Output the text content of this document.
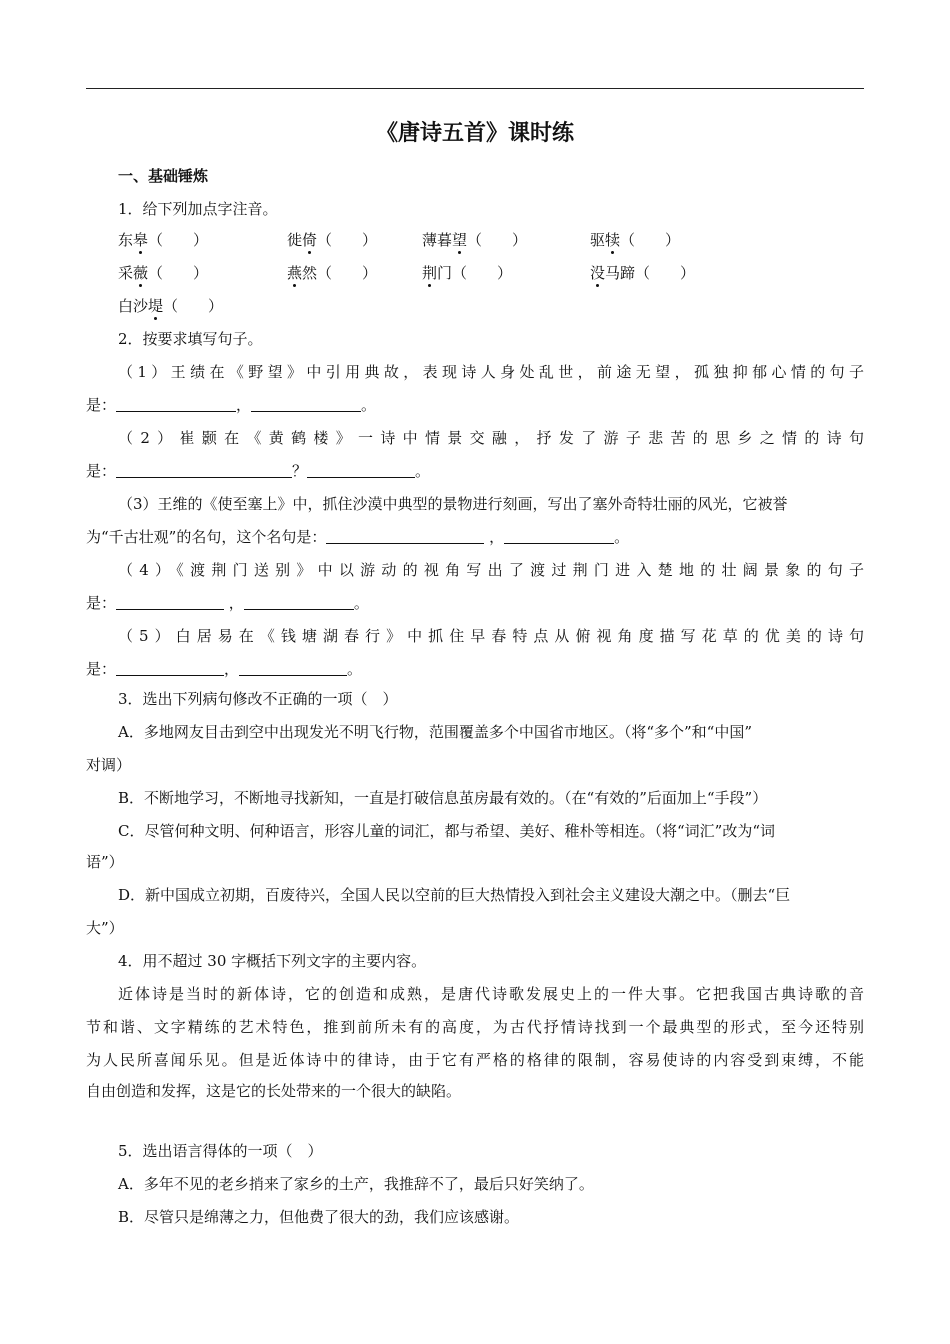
《唐诗五首》课时练
一、基础锤炼
1．给下列加点字注音。
东皋（　　）	徙倚（　　）	薄暮望（　　）	驱犊（　　）
采薇（　　）	燕然（　　）	荆门（　　）	没马蹄（　　）
白沙堤（　　）
2．按要求填写句子。
（1）王绩在《野望》中引用典故，表现诗人身处乱世，前途无望，孤独抑郁心情的句子
是：	，	。
（2）崔颢在《黄鹤楼》一诗中情景交融，抒发了游子悲苦的思乡之情的诗句
是：	？	。
（3）王维的《使至塞上》中，抓住沙漠中典型的景物进行刻画，写出了塞外奇特壮丽的风光，它被誉
为“千古壮观”的名句，这个名句是：	，	。
（4）《渡荆门送别》中以游动的视角写出了渡过荆门进入楚地的壮阔景象的句子
是：	，	。
（5）白居易在《钱塘湖春行》中抓住早春特点从俯视角度描写花草的优美的诗句
是：	，	。
3．选出下列病句修改不正确的一项（　）
A．多地网友目击到空中出现发光不明飞行物，范围覆盖多个中国省市地区。（将“多个”和“中国”
对调）
B．不断地学习，不断地寻找新知，一直是打破信息茧房最有效的。（在“有效的”后面加上“手段”）
C．尽管何种文明、何种语言，形容儿童的词汇，都与希望、美好、稚朴等相连。（将“词汇”改为“词
语”）
D．新中国成立初期，百废待兴，全国人民以空前的巨大热情投入到社会主义建设大潮之中。（删去“巨
大”）
4．用不超过 30 字概括下列文字的主要内容。
近体诗是当时的新体诗，它的创造和成熟，是唐代诗歌发展史上的一件大事。它把我国古典诗歌的音
节和谐、文字精练的艺术特色，推到前所未有的高度，为古代抒情诗找到一个最典型的形式，至今还特别
为人民所喜闻乐见。但是近体诗中的律诗，由于它有严格的格律的限制，容易使诗的内容受到束缚，不能
自由创造和发挥，这是它的长处带来的一个很大的缺陷。
5．选出语言得体的一项（　）
A．多年不见的老乡捎来了家乡的土产，我推辞不了，最后只好笑纳了。
B．尽管只是绵薄之力，但他费了很大的劲，我们应该感谢。
